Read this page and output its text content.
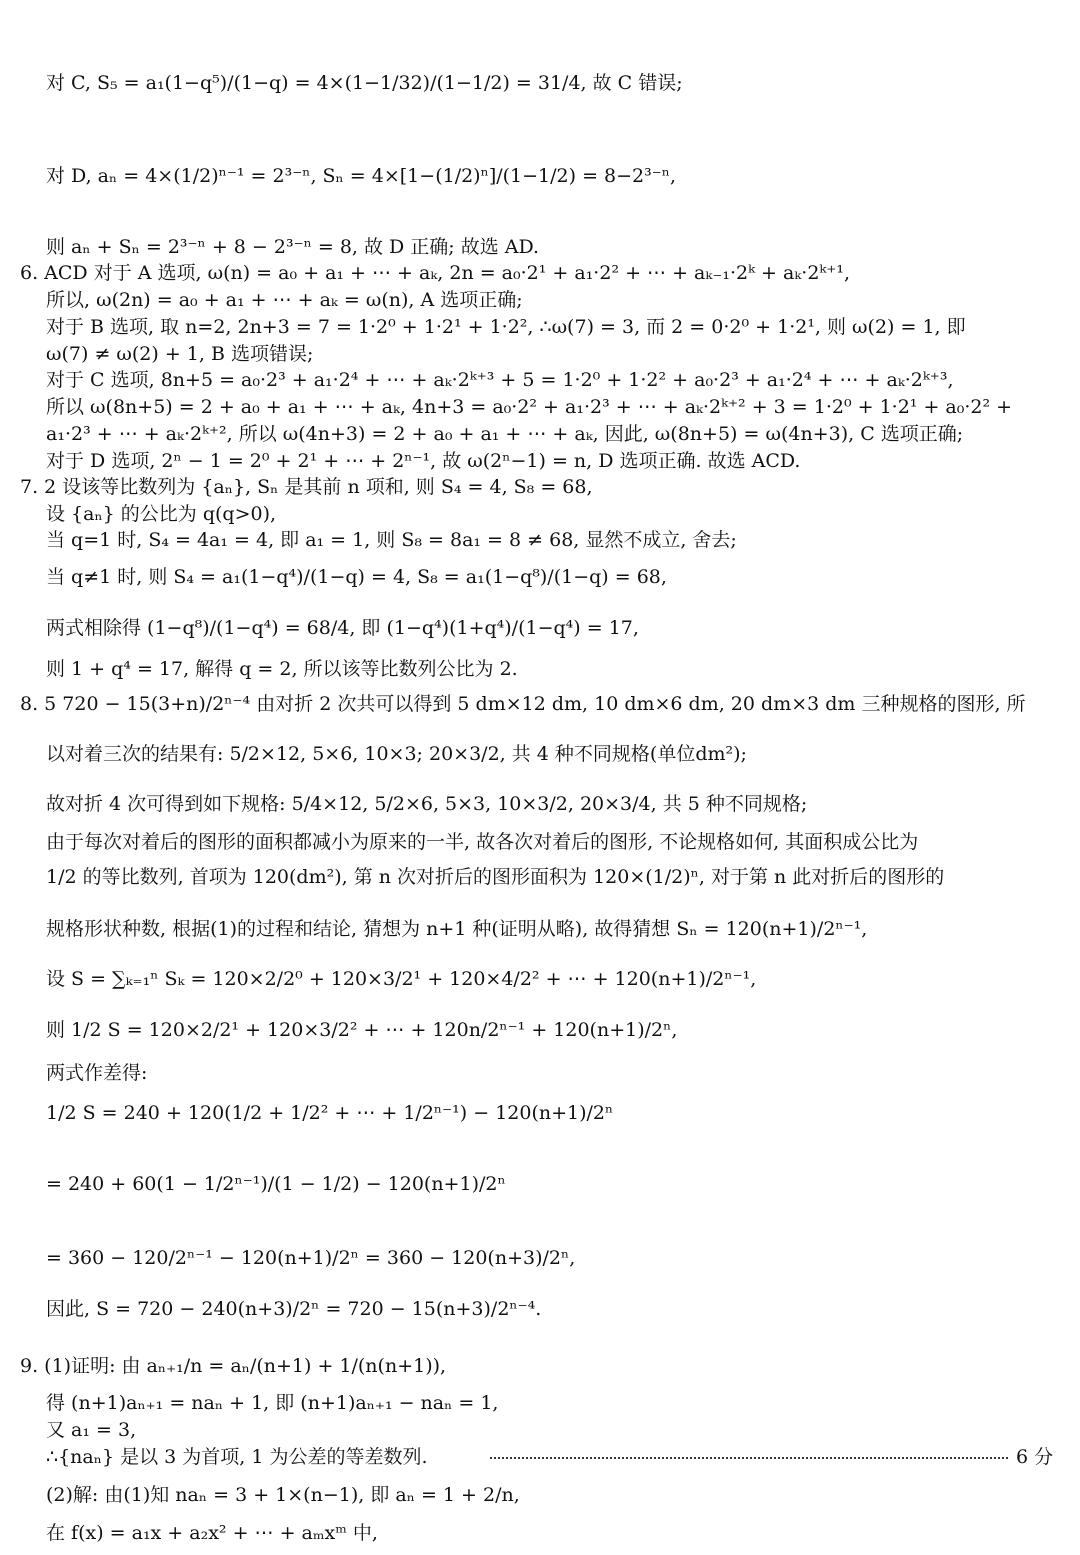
对 C, S₅ = a₁(1−q⁵)/(1−q) = 4×(1−1/32)/(1−1/2) = 31/4, 故 C 错误;
对 D, aₙ = 4×(1/2)ⁿ⁻¹ = 2³⁻ⁿ, Sₙ = 4×[1−(1/2)ⁿ]/(1−1/2) = 8−2³⁻ⁿ,
则 aₙ + Sₙ = 2³⁻ⁿ + 8 − 2³⁻ⁿ = 8, 故 D 正确; 故选 AD.
6. ACD 对于 A 选项, ω(n) = a₀ + a₁ + ⋯ + aₖ, 2n = a₀·2¹ + a₁·2² + ⋯ + aₖ₋₁·2ᵏ + aₖ·2ᵏ⁺¹,
所以, ω(2n) = a₀ + a₁ + ⋯ + aₖ = ω(n), A 选项正确;
对于 B 选项, 取 n=2, 2n+3 = 7 = 1·2⁰ + 1·2¹ + 1·2², ∴ω(7) = 3, 而 2 = 0·2⁰ + 1·2¹, 则 ω(2) = 1, 即
ω(7) ≠ ω(2) + 1, B 选项错误;
对于 C 选项, 8n+5 = a₀·2³ + a₁·2⁴ + ⋯ + aₖ·2ᵏ⁺³ + 5 = 1·2⁰ + 1·2² + a₀·2³ + a₁·2⁴ + ⋯ + aₖ·2ᵏ⁺³,
所以 ω(8n+5) = 2 + a₀ + a₁ + ⋯ + aₖ, 4n+3 = a₀·2² + a₁·2³ + ⋯ + aₖ·2ᵏ⁺² + 3 = 1·2⁰ + 1·2¹ + a₀·2² +
a₁·2³ + ⋯ + aₖ·2ᵏ⁺², 所以 ω(4n+3) = 2 + a₀ + a₁ + ⋯ + aₖ, 因此, ω(8n+5) = ω(4n+3), C 选项正确;
对于 D 选项, 2ⁿ − 1 = 2⁰ + 2¹ + ⋯ + 2ⁿ⁻¹, 故 ω(2ⁿ−1) = n, D 选项正确. 故选 ACD.
7. 2 设该等比数列为 {aₙ}, Sₙ 是其前 n 项和, 则 S₄ = 4, S₈ = 68,
设 {aₙ} 的公比为 q(q>0),
当 q=1 时, S₄ = 4a₁ = 4, 即 a₁ = 1, 则 S₈ = 8a₁ = 8 ≠ 68, 显然不成立, 舍去;
当 q≠1 时, 则 S₄ = a₁(1−q⁴)/(1−q) = 4, S₈ = a₁(1−q⁸)/(1−q) = 68,
两式相除得 (1−q⁸)/(1−q⁴) = 68/4, 即 (1−q⁴)(1+q⁴)/(1−q⁴) = 17,
则 1 + q⁴ = 17, 解得 q = 2, 所以该等比数列公比为 2.
8. 5 720 − 15(3+n)/2ⁿ⁻⁴ 由对折 2 次共可以得到 5 dm×12 dm, 10 dm×6 dm, 20 dm×3 dm 三种规格的图形, 所
以对着三次的结果有: 5/2×12, 5×6, 10×3; 20×3/2, 共 4 种不同规格(单位dm²);
故对折 4 次可得到如下规格: 5/4×12, 5/2×6, 5×3, 10×3/2, 20×3/4, 共 5 种不同规格;
由于每次对着后的图形的面积都减小为原来的一半, 故各次对着后的图形, 不论规格如何, 其面积成公比为
1/2 的等比数列, 首项为 120(dm²), 第 n 次对折后的图形面积为 120×(1/2)ⁿ, 对于第 n 此对折后的图形的
规格形状种数, 根据(1)的过程和结论, 猜想为 n+1 种(证明从略), 故得猜想 Sₙ = 120(n+1)/2ⁿ⁻¹,
设 S = ∑ₖ₌₁ⁿ Sₖ = 120×2/2⁰ + 120×3/2¹ + 120×4/2² + ⋯ + 120(n+1)/2ⁿ⁻¹,
则 1/2 S = 120×2/2¹ + 120×3/2² + ⋯ + 120n/2ⁿ⁻¹ + 120(n+1)/2ⁿ,
两式作差得:
1/2 S = 240 + 120(1/2 + 1/2² + ⋯ + 1/2ⁿ⁻¹) − 120(n+1)/2ⁿ
= 240 + 60(1 − 1/2ⁿ⁻¹)/(1 − 1/2) − 120(n+1)/2ⁿ
= 360 − 120/2ⁿ⁻¹ − 120(n+1)/2ⁿ = 360 − 120(n+3)/2ⁿ,
因此, S = 720 − 240(n+3)/2ⁿ = 720 − 15(n+3)/2ⁿ⁻⁴.
9. (1)证明: 由 aₙ₊₁/n = aₙ/(n+1) + 1/(n(n+1)),
得 (n+1)aₙ₊₁ = naₙ + 1, 即 (n+1)aₙ₊₁ − naₙ = 1,
又 a₁ = 3,
∴{naₙ} 是以 3 为首项, 1 为公差的等差数列.	6 分
(2)解: 由(1)知 naₙ = 3 + 1×(n−1), 即 aₙ = 1 + 2/n,
在 f(x) = a₁x + a₂x² + ⋯ + aₘxᵐ 中,
